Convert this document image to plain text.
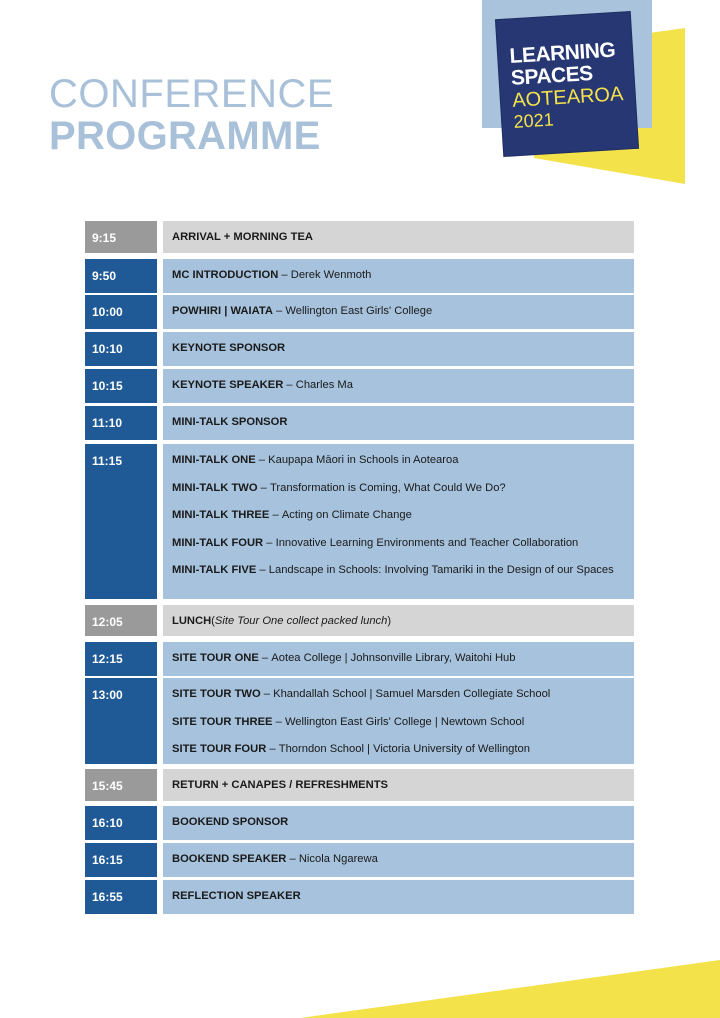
CONFERENCE
PROGRAMME
LEARNING
SPACES
AOTEAROA
2021
9:15	ARRIVAL + MORNING TEA
9:50	MC INTRODUCTION – Derek Wenmoth
10:00	POWHIRI | WAIATA – Wellington East Girls' College
10:10	KEYNOTE SPONSOR
10:15	KEYNOTE SPEAKER – Charles Ma
11:10	MINI-TALK SPONSOR
11:15	MINI-TALK ONE – Kaupapa Māori in Schools in Aotearoa
MINI-TALK TWO – Transformation is Coming, What Could We Do?
MINI-TALK THREE – Acting on Climate Change
MINI-TALK FOUR – Innovative Learning Environments and Teacher Collaboration
MINI-TALK FIVE – Landscape in Schools: Involving Tamariki in the Design of our Spaces
12:05	LUNCH (Site Tour One collect packed lunch)
12:15	SITE TOUR ONE – Aotea College | Johnsonville Library, Waitohi Hub
13:00	SITE TOUR TWO – Khandallah School | Samuel Marsden Collegiate School
SITE TOUR THREE – Wellington East Girls' College | Newtown School
SITE TOUR FOUR – Thorndon School | Victoria University of Wellington
15:45	RETURN + CANAPES / REFRESHMENTS
16:10	BOOKEND SPONSOR
16:15	BOOKEND SPEAKER – Nicola Ngarewa
16:55	REFLECTION SPEAKER
